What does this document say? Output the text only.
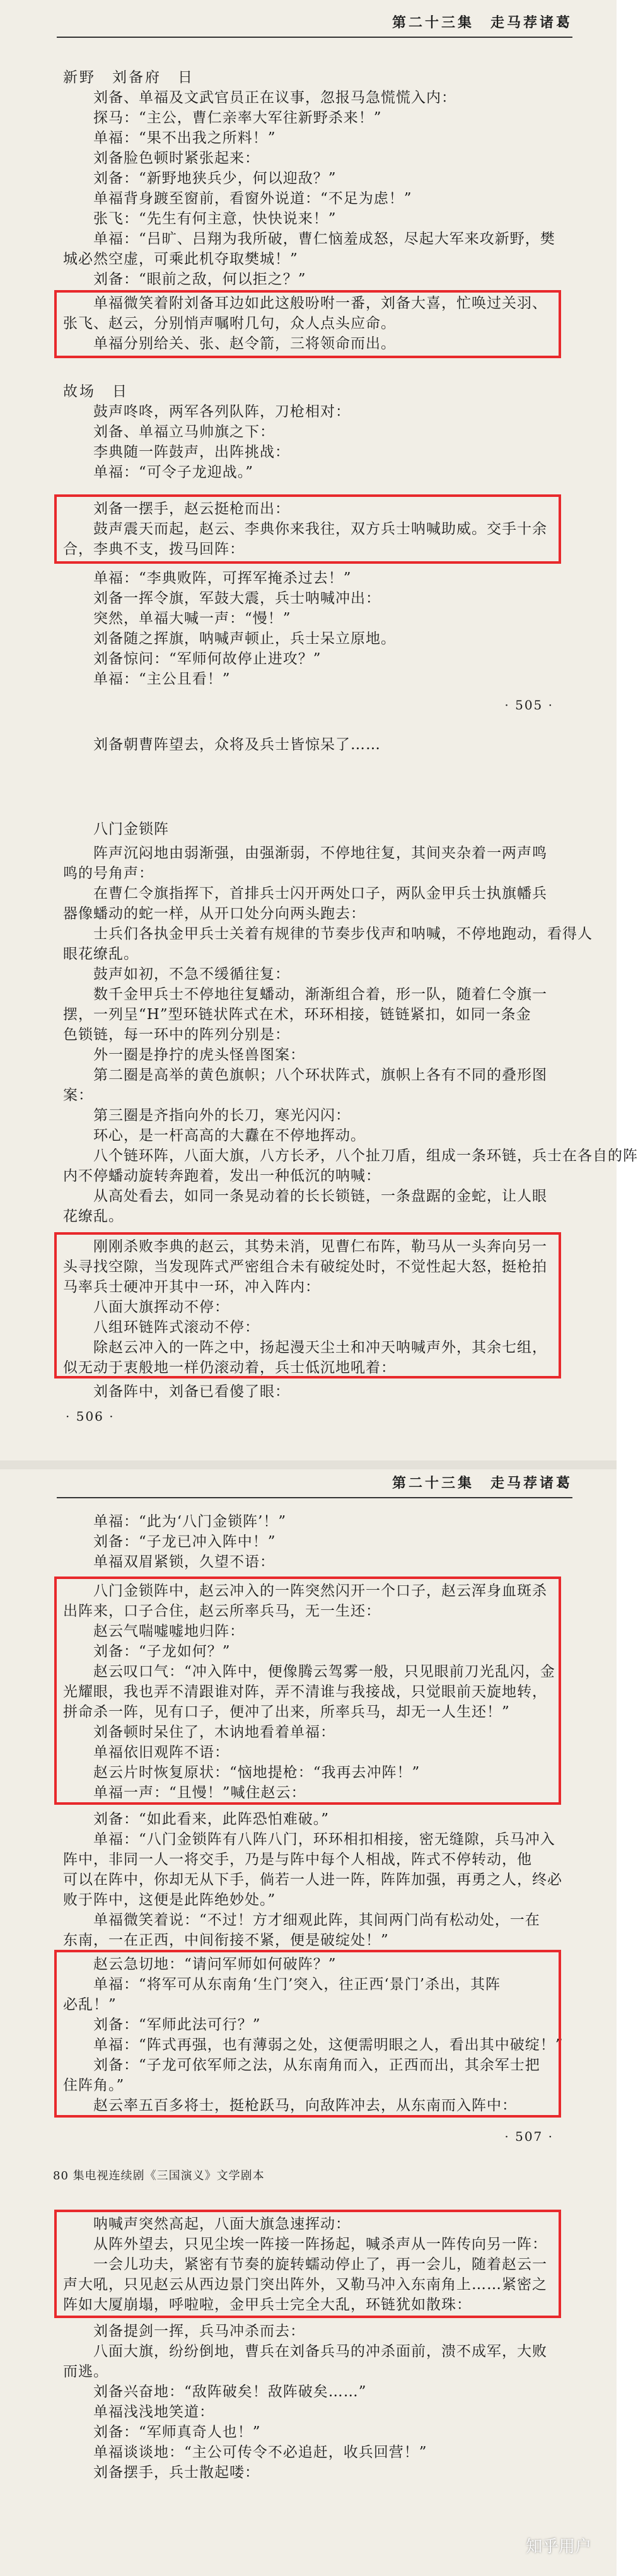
第二十三集　走马荐诸葛
新野　刘备府　日
刘备、单福及文武官员正在议事，忽报马急慌慌入内：
探马：“主公，曹仁亲率大军往新野杀来！”
单福：“果不出我之所料！”
刘备脸色顿时紧张起来：
刘备：“新野地狭兵少，何以迎敌？”
单福背身踱至窗前，看窗外说道：“不足为虑！”
张飞：“先生有何主意，快快说来！”
单福：“吕旷、吕翔为我所破，曹仁恼羞成怒，尽起大军来攻新野，樊
城必然空虚，可乘此机夺取樊城！”
刘备：“眼前之敌，何以拒之？”
单福微笑着附刘备耳边如此这般吩咐一番，刘备大喜，忙唤过关羽、
张飞、赵云，分别悄声嘱咐几句，众人点头应命。
单福分别给关、张、赵令箭，三将领命而出。
故场　日
鼓声咚咚，两军各列队阵，刀枪相对：
刘备、单福立马帅旗之下：
李典随一阵鼓声，出阵挑战：
单福：“可令子龙迎战。”
刘备一摆手，赵云挺枪而出：
鼓声震天而起，赵云、李典你来我往，双方兵士呐喊助威。交手十余
合，李典不支，拨马回阵：
单福：“李典败阵，可挥军掩杀过去！”
刘备一挥令旗，军鼓大震，兵士呐喊冲出：
突然，单福大喊一声：“慢！”
刘备随之挥旗，呐喊声顿止，兵士呆立原地。
刘备惊问：“军师何故停止进攻？”
单福：“主公且看！”
· 505 ·
刘备朝曹阵望去，众将及兵士皆惊呆了……
八门金锁阵
阵声沉闷地由弱渐强，由强渐弱，不停地往复，其间夹杂着一两声鸣
鸣的号角声：
在曹仁令旗指挥下，首排兵士闪开两处口子，两队金甲兵士执旗幡兵
器像蟠动的蛇一样，从开口处分向两头跑去：
士兵们各执金甲兵士关着有规律的节奏步伐声和呐喊，不停地跑动，看得人
眼花缭乱。
鼓声如初，不急不缓循往复：
数千金甲兵士不停地往复蟠动，渐渐组合着，形一队，随着仁令旗一
摆，一列呈“H”型环链状阵式在术，环环相接，链链紧扣，如同一条金
色锁链，每一环中的阵列分别是：
外一圈是挣拧的虎头怪兽图案：
第二圈是高举的黄色旗帜；八个环状阵式，旗帜上各有不同的叠形图
案：
第三圈是齐指向外的长刀，寒光闪闪：
环心，是一杆高高的大纛在不停地挥动。
八个链环阵，八面大旗，八方长矛，八个扯刀盾，组成一条环链，兵士在各自的阵
内不停蟠动旋转奔跑着，发出一种低沉的呐喊：
从高处看去，如同一条晃动着的长长锁链，一条盘踞的金蛇，让人眼
花缭乱。
刚刚杀败李典的赵云，其势未消，见曹仁布阵，勒马从一头奔向另一
头寻找空隙，当发现阵式严密组合未有破绽处时，不觉性起大怒，挺枪拍
马率兵士硬冲开其中一环，冲入阵内：
八面大旗挥动不停：
八组环链阵式滚动不停：
除赵云冲入的一阵之中，扬起漫天尘土和冲天呐喊声外，其余七组，
似无动于衷般地一样仍滚动着，兵士低沉地吼着：
刘备阵中，刘备已看傻了眼：
· 506 ·
第二十三集　走马荐诸葛
单福：“此为‘八门金锁阵’！”
刘备：“子龙已冲入阵中！”
单福双眉紧锁，久望不语：
八门金锁阵中，赵云冲入的一阵突然闪开一个口子，赵云浑身血斑杀
出阵来，口子合住，赵云所率兵马，无一生还：
赵云气喘嘘嘘地归阵：
刘备：“子龙如何？”
赵云叹口气：“冲入阵中，便像腾云驾雾一般，只见眼前刀光乱闪，金
光耀眼，我也弄不清跟谁对阵，弄不清谁与我接战，只觉眼前天旋地转，
拼命杀一阵，见有口子，便冲了出来，所率兵马，却无一人生还！”
刘备顿时呆住了，木讷地看着单福：
单福依旧观阵不语：
赵云片时恢复原状：“恼地提枪：“我再去冲阵！”
单福一声：“且慢！”喊住赵云：
刘备：“如此看来，此阵恐怕难破。”
单福：“八门金锁阵有八阵八门，环环相扣相接，密无缝隙，兵马冲入
阵中，非同一人一将交手，乃是与阵中每个人相战，阵式不停转动，他
可以在阵中，你却无从下手，倘若一人进一阵，阵阵加强，再勇之人，终必
败于阵中，这便是此阵绝妙处。”
单福微笑着说：“不过！方才细观此阵，其间两门尚有松动处，一在
东南，一在正西，中间衔接不紧，便是破绽处！”
赵云急切地：“请问军师如何破阵？”
单福：“将军可从东南角‘生门’突入，往正西‘景门’杀出，其阵
必乱！”
刘备：“军师此法可行？”
单福：“阵式再强，也有薄弱之处，这便需明眼之人，看出其中破绽！”
刘备：“子龙可依军师之法，从东南角而入，正西而出，其余军士把
住阵角。”
赵云率五百多将士，挺枪跃马，向敌阵冲去，从东南而入阵中：
· 507 ·
80 集电视连续剧《三国演义》文学剧本
呐喊声突然高起，八面大旗急速挥动：
从阵外望去，只见尘埃一阵接一阵扬起，喊杀声从一阵传向另一阵：
一会儿功夫，紧密有节奏的旋转蠕动停止了，再一会儿，随着赵云一
声大吼，只见赵云从西边景门突出阵外，又勒马冲入东南角上……紧密之
阵如大厦崩塌，呼啦啦，金甲兵士完全大乱，环链犹如散珠：
刘备提剑一挥，兵马冲杀而去：
八面大旗，纷纷倒地，曹兵在刘备兵马的冲杀面前，溃不成军，大败
而逃。
刘备兴奋地：“敌阵破矣！敌阵破矣……”
单福浅浅地笑道：
刘备：“军师真奇人也！”
单福谈谈地：“主公可传令不必追赶，收兵回营！”
刘备摆手，兵士散起喽：
知乎用户
